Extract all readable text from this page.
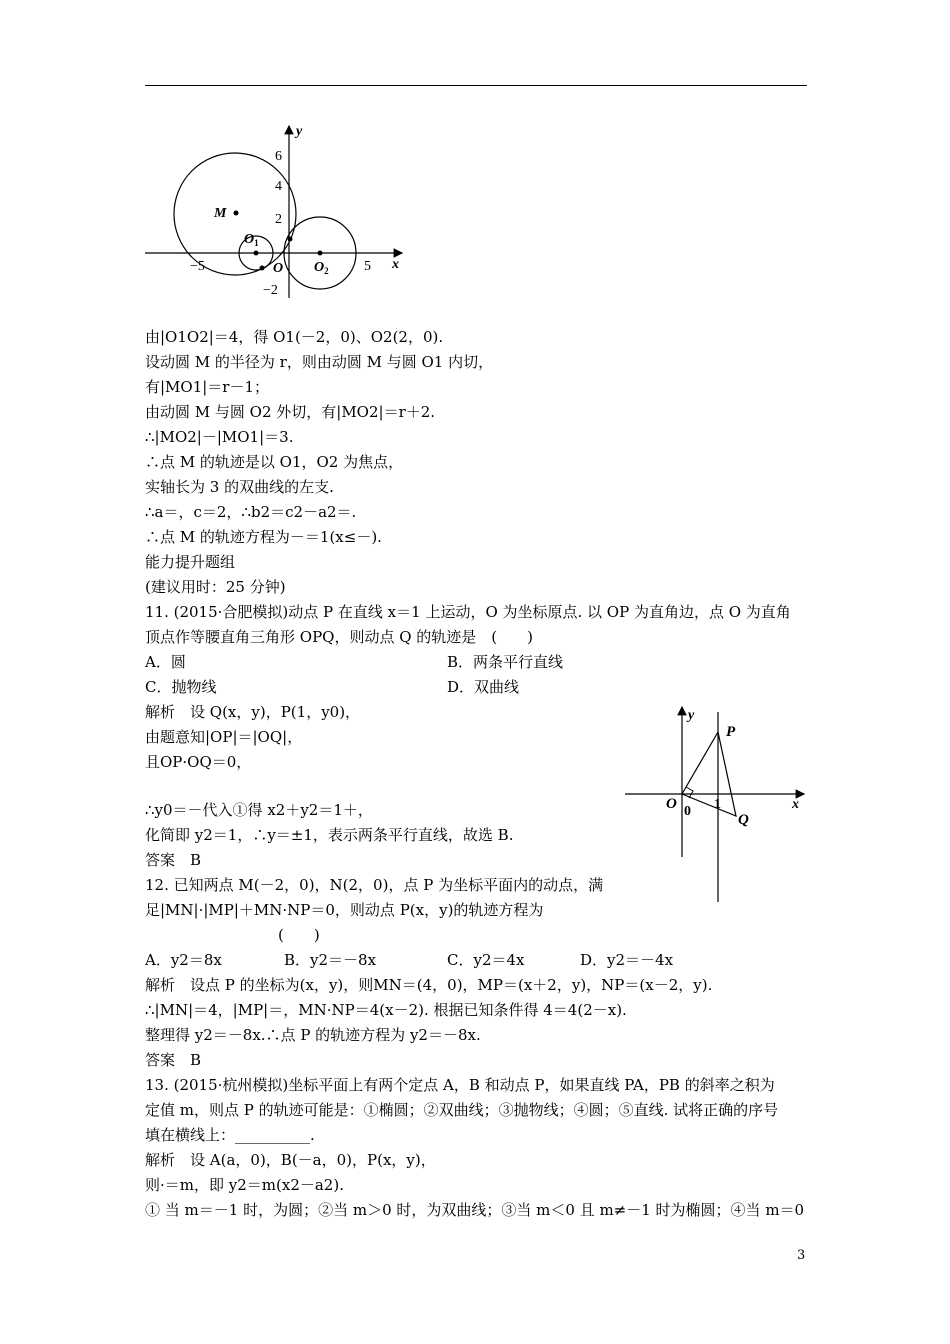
y
x
6
4
2
−5	5
−2
M
$O_1$
O $O_2$
由|O1O2|＝4，得 O1(－2，0)、O2(2，0).
设动圆 M 的半径为 r，则由动圆 M 与圆 O1 内切，
有|MO1|＝r－1；
由动圆 M 与圆 O2 外切，有|MO2|＝r＋2.
∴|MO2|－|MO1|＝3.
∴点 M 的轨迹是以 O1，O2 为焦点，
实轴长为 3 的双曲线的左支.
∴a＝，c＝2，∴b2＝c2－a2＝.
∴点 M 的轨迹方程为－＝1(x≤－).
能力提升题组
(建议用时：25 分钟)
11. (2015·合肥模拟)动点 P 在直线 x＝1 上运动，O 为坐标原点. 以 OP 为直角边，点 O 为直角
顶点作等腰直角三角形 OPQ，则动点 Q 的轨迹是　(　　)
A．圆	B．两条平行直线
C．抛物线	D．双曲线
解析　设 Q(x，y)，P(1，y0)，
由题意知|OP|＝|OQ|，
且OP·OQ＝0，
∴y0＝－代入①得 x2＋y2＝1＋，
化简即 y2＝1，∴y＝±1，表示两条平行直线，故选 B.
答案　B
y
x
P
O 0 1
Q
12. 已知两点 M(－2，0)，N(2，0)，点 P 为坐标平面内的动点，满
足|MN|·|MP|＋MN·NP＝0，则动点 P(x，y)的轨迹方程为
(　　)
A．y2＝8x	B．y2＝－8x	C．y2＝4x	D．y2＝－4x
解析　设点 P 的坐标为(x，y)，则MN＝(4，0)，MP＝(x＋2，y)，NP＝(x－2，y).
∴|MN|＝4，|MP|＝，MN·NP＝4(x－2). 根据已知条件得 4＝4(2－x).
整理得 y2＝－8x.∴点 P 的轨迹方程为 y2＝－8x.
答案　B
13. (2015·杭州模拟)坐标平面上有两个定点 A，B 和动点 P，如果直线 PA，PB 的斜率之积为
定值 m，则点 P 的轨迹可能是：①椭圆；②双曲线；③抛物线；④圆；⑤直线. 试将正确的序号
填在横线上：__________.
解析　设 A(a，0)，B(－a，0)，P(x，y)，
则·＝m，即 y2＝m(x2－a2).
① 当 m＝－1 时，为圆；②当 m＞0 时，为双曲线；③当 m＜0 且 m≠－1 时为椭圆；④当 m＝0
3
